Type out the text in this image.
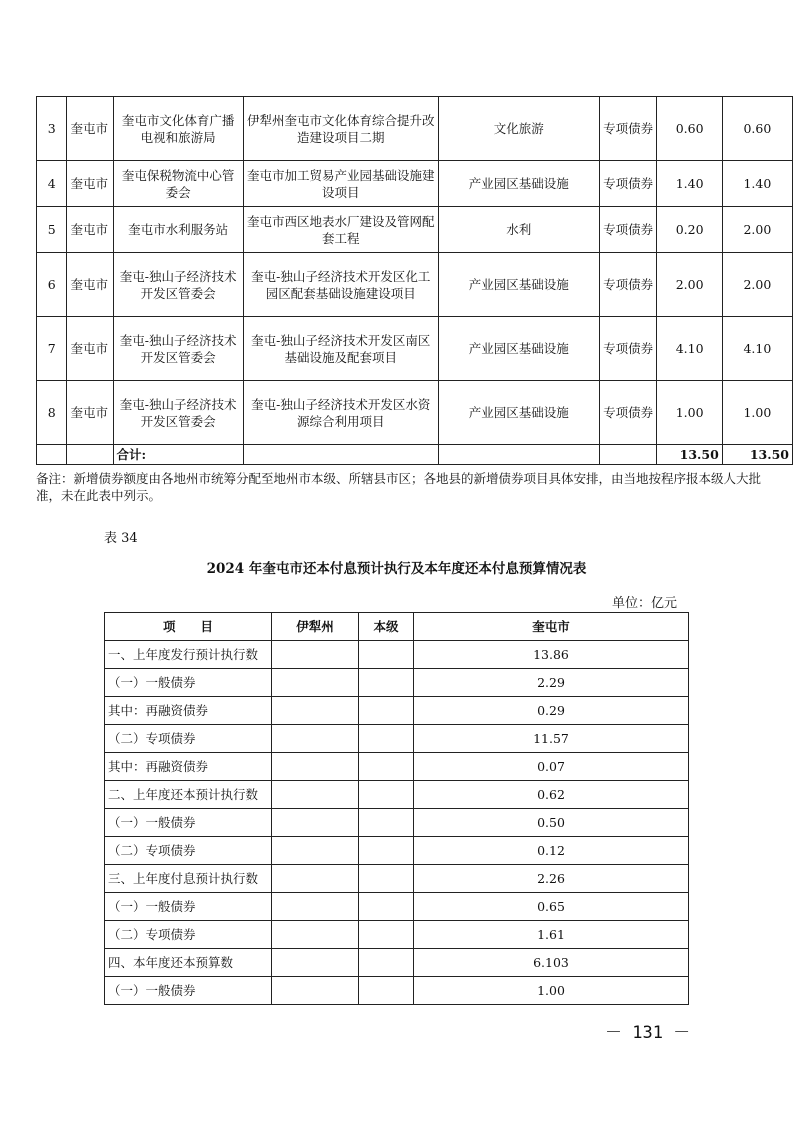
3	奎屯市	奎屯市文化体育广播电视和旅游局	伊犁州奎屯市文化体育综合提升改造建设项目二期	文化旅游	专项债券	0.60	0.60
4	奎屯市	奎屯保税物流中心管委会	奎屯市加工贸易产业园基础设施建设项目	产业园区基础设施	专项债券	1.40	1.40
5	奎屯市	奎屯市水利服务站	奎屯市西区地表水厂建设及管网配套工程	水利	专项债券	0.20	2.00
6	奎屯市	奎屯-独山子经济技术开发区管委会	奎屯-独山子经济技术开发区化工园区配套基础设施建设项目	产业园区基础设施	专项债券	2.00	2.00
7	奎屯市	奎屯-独山子经济技术开发区管委会	奎屯-独山子经济技术开发区南区基础设施及配套项目	产业园区基础设施	专项债券	4.10	4.10
8	奎屯市	奎屯-独山子经济技术开发区管委会	奎屯-独山子经济技术开发区水资源综合利用项目	产业园区基础设施	专项债券	1.00	1.00
		合计:				13.50	13.50
备注：新增债券额度由各地州市统筹分配至地州市本级、所辖县市区；各地县的新增债券项目具体安排，由当地按程序报本级人大批准，未在此表中列示。
表 34
2024 年奎屯市还本付息预计执行及本年度还本付息预算情况表
单位：亿元
项　　目	伊犁州	本级	奎屯市
一、上年度发行预计执行数			13.86
（一）一般债券			2.29
其中：再融资债券			0.29
（二）专项债券			11.57
其中：再融资债券			0.07
二、上年度还本预计执行数			0.62
（一）一般债券			0.50
（二）专项债券			0.12
三、上年度付息预计执行数			2.26
（一）一般债券			0.65
（二）专项债券			1.61
四、本年度还本预算数			6.103
（一）一般债券			1.00
－ 131 －
